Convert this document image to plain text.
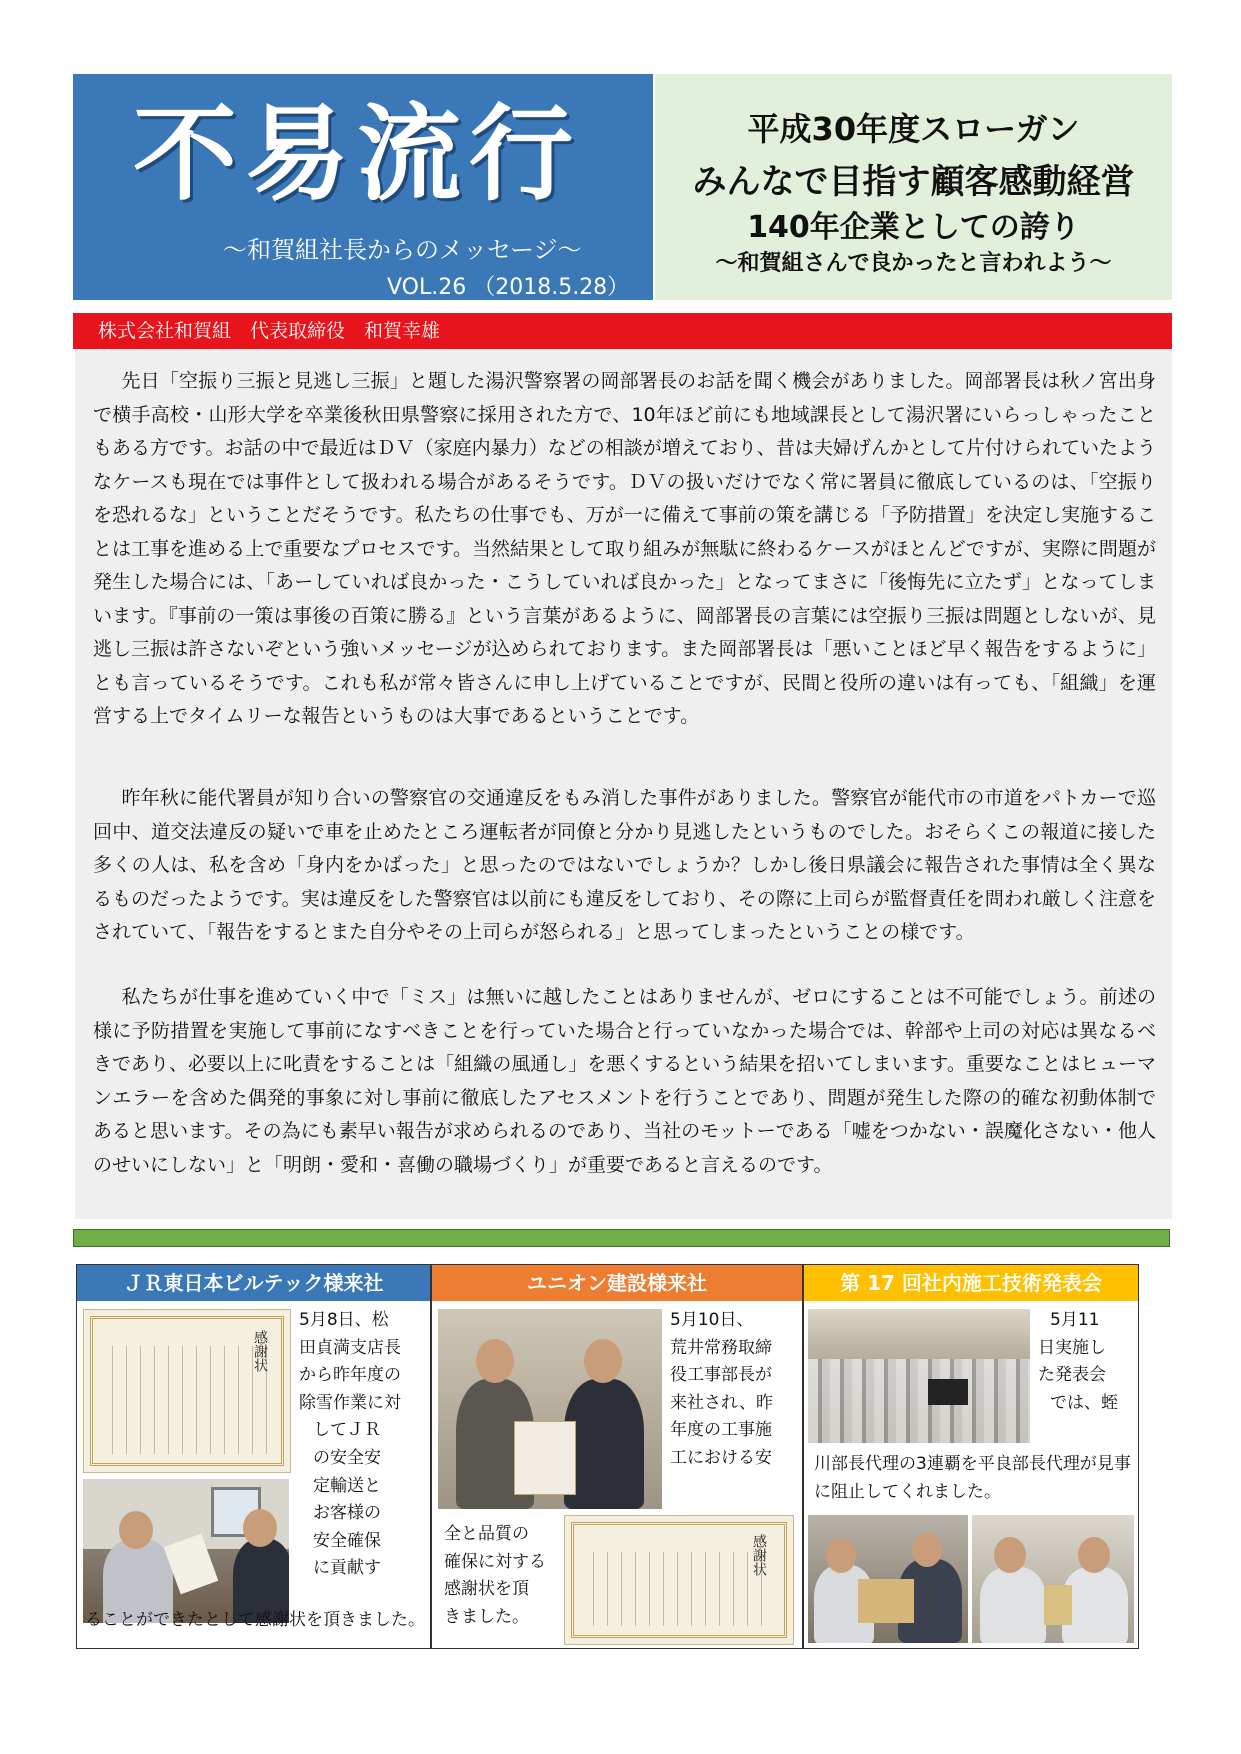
不易流行
～和賀組社長からのメッセージ～
VOL.26 （2018.5.28）
平成30年度スローガン
みんなで目指す顧客感動経営
140年企業としての誇り
～和賀組さんで良かったと言われよう～
株式会社和賀組　代表取締役　和賀幸雄

先日「空振り三振と見逃し三振」と題した湯沢警察署の岡部署長のお話を聞く機会がありました。岡部署長は秋ノ宮出身で横手高校・山形大学を卒業後秋田県警察に採用された方で、10年ほど前にも地域課長として湯沢署にいらっしゃったこともある方です。お話の中で最近はＤＶ（家庭内暴力）などの相談が増えており、昔は夫婦げんかとして片付けられていたようなケースも現在では事件として扱われる場合があるそうです。ＤＶの扱いだけでなく常に署員に徹底しているのは、「空振りを恐れるな」ということだそうです。私たちの仕事でも、万が一に備えて事前の策を講じる「予防措置」を決定し実施することは工事を進める上で重要なプロセスです。当然結果として取り組みが無駄に終わるケースがほとんどですが、実際に問題が発生した場合には、「あーしていれば良かった・こうしていれば良かった」となってまさに「後悔先に立たず」となってしまいます。『事前の一策は事後の百策に勝る』という言葉があるように、岡部署長の言葉には空振り三振は問題としないが、見逃し三振は許さないぞという強いメッセージが込められております。また岡部署長は「悪いことほど早く報告をするように」とも言っているそうです。これも私が常々皆さんに申し上げていることですが、民間と役所の違いは有っても、「組織」を運営する上でタイムリーな報告というものは大事であるということです。

昨年秋に能代署員が知り合いの警察官の交通違反をもみ消した事件がありました。警察官が能代市の市道をパトカーで巡回中、道交法違反の疑いで車を止めたところ運転者が同僚と分かり見逃したというものでした。おそらくこの報道に接した多くの人は、私を含め「身内をかばった」と思ったのではないでしょうか？しかし後日県議会に報告された事情は全く異なるものだったようです。実は違反をした警察官は以前にも違反をしており、その際に上司らが監督責任を問われ厳しく注意をされていて、「報告をするとまた自分やその上司らが怒られる」と思ってしまったということの様です。

私たちが仕事を進めていく中で「ミス」は無いに越したことはありませんが、ゼロにすることは不可能でしょう。前述の様に予防措置を実施して事前になすべきことを行っていた場合と行っていなかった場合では、幹部や上司の対応は異なるべきであり、必要以上に叱責をすることは「組織の風通し」を悪くするという結果を招いてしまいます。重要なことはヒューマンエラーを含めた偶発的事象に対し事前に徹底したアセスメントを行うことであり、問題が発生した際の的確な初動体制であると思います。その為にも素早い報告が求められるのであり、当社のモットーである「嘘をつかない・誤魔化さない・他人のせいにしない」と「明朗・愛和・喜働の職場づくり」が重要であると言えるのです。

ＪＲ東日本ビルテック様来社
感謝状
5月8日、松
田貞満支店長
から昨年度の
除雪作業に対
してＪＲ
の安全安
定輸送と
お客様の
安全確保
に貢献す
ることができたとして感謝状を頂きました。
ユニオン建設様来社
感謝状
5月10日、
荒井常務取締
役工事部長が
来社され、昨
年度の工事施
工における安
全と品質の
確保に対する
感謝状を頂
きました。
第 17 回社内施工技術発表会
5月11
日実施し
た発表会
では、蛭
川部長代理の3連覇を平良部長代理が見事に阻止してくれました。
